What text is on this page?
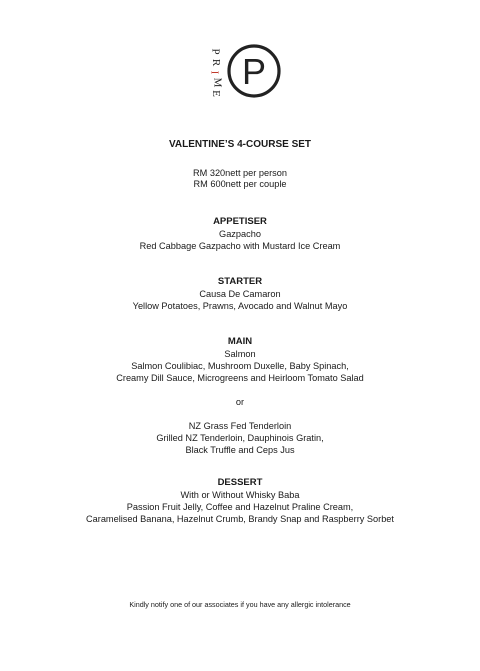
P
R
I
M
E
P

VALENTINE’S 4-COURSE SET

RM 320nett per person

RM 600nett per couple

APPETISER

Gazpacho

Red Cabbage Gazpacho with Mustard Ice Cream

STARTER

Causa De Camaron

Yellow Potatoes, Prawns, Avocado and Walnut Mayo

MAIN

Salmon

Salmon Coulibiac, Mushroom Duxelle, Baby Spinach,

Creamy Dill Sauce, Microgreens and Heirloom Tomato Salad

or

NZ Grass Fed Tenderloin

Grilled NZ Tenderloin, Dauphinois Gratin,

Black Truffle and Ceps Jus

DESSERT

With or Without Whisky Baba

Passion Fruit Jelly, Coffee and Hazelnut Praline Cream,

Caramelised Banana, Hazelnut Crumb, Brandy Snap and Raspberry Sorbet

Kindly notify one of our associates if you have any allergic intolerance
